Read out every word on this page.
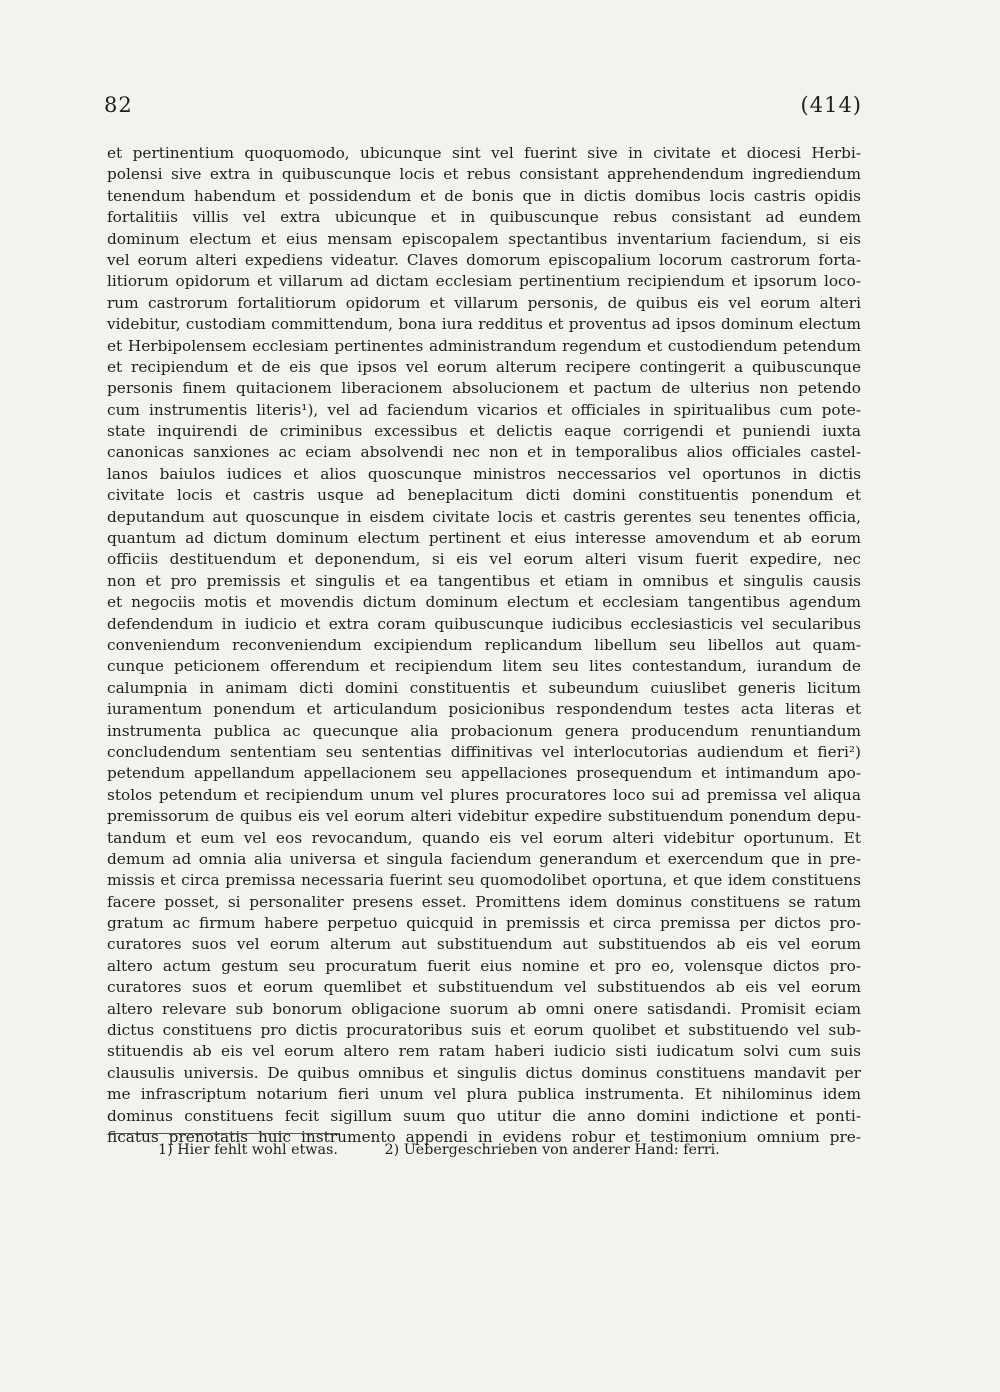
82	(414)
et pertinentium quoquomodo, ubicunque sint vel fuerint sive in civitate et diocesi Herbi-
polensi sive extra in quibuscunque locis et rebus consistant apprehendendum ingrediendum
tenendum habendum et possidendum et de bonis que in dictis domibus locis castris opidis
fortalitiis villis vel extra ubicunque et in quibuscunque rebus consistant ad eundem
dominum electum et eius mensam episcopalem spectantibus inventarium faciendum, si eis
vel eorum alteri expediens videatur. Claves domorum episcopalium locorum castrorum forta-
litiorum opidorum et villarum ad dictam ecclesiam pertinentium recipiendum et ipsorum loco-
rum castrorum fortalitiorum opidorum et villarum personis, de quibus eis vel eorum alteri
videbitur, custodiam committendum, bona iura redditus et proventus ad ipsos dominum electum
et Herbipolensem ecclesiam pertinentes administrandum regendum et custodiendum petendum
et recipiendum et de eis que ipsos vel eorum alterum recipere contingerit a quibuscunque
personis finem quitacionem liberacionem absolucionem et pactum de ulterius non petendo
cum instrumentis literis¹), vel ad faciendum vicarios et officiales in spiritualibus cum pote-
state inquirendi de criminibus excessibus et delictis eaque corrigendi et puniendi iuxta
canonicas sanxiones ac eciam absolvendi nec non et in temporalibus alios officiales castel-
lanos baiulos iudices et alios quoscunque ministros neccessarios vel oportunos in dictis
civitate locis et castris usque ad beneplacitum dicti domini constituentis ponendum et
deputandum aut quoscunque in eisdem civitate locis et castris gerentes seu tenentes officia,
quantum ad dictum dominum electum pertinent et eius interesse amovendum et ab eorum
officiis destituendum et deponendum, si eis vel eorum alteri visum fuerit expedire, nec
non et pro premissis et singulis et ea tangentibus et etiam in omnibus et singulis causis
et negociis motis et movendis dictum dominum electum et ecclesiam tangentibus agendum
defendendum in iudicio et extra coram quibuscunque iudicibus ecclesiasticis vel secularibus
conveniendum reconveniendum excipiendum replicandum libellum seu libellos aut quam-
cunque peticionem offerendum et recipiendum litem seu lites contestandum, iurandum de
calumpnia in animam dicti domini constituentis et subeundum cuiuslibet generis licitum
iuramentum ponendum et articulandum posicionibus respondendum testes acta literas et
instrumenta publica ac quecunque alia probacionum genera producendum renuntiandum
concludendum sententiam seu sententias diffinitivas vel interlocutorias audiendum et fieri²)
petendum appellandum appellacionem seu appellaciones prosequendum et intimandum apo-
stolos petendum et recipiendum unum vel plures procuratores loco sui ad premissa vel aliqua
premissorum de quibus eis vel eorum alteri videbitur expedire substituendum ponendum depu-
tandum et eum vel eos revocandum, quando eis vel eorum alteri videbitur oportunum. Et
demum ad omnia alia universa et singula faciendum generandum et exercendum que in pre-
missis et circa premissa necessaria fuerint seu quomodolibet oportuna, et que idem constituens
facere posset, si personaliter presens esset. Promittens idem dominus constituens se ratum
gratum ac firmum habere perpetuo quicquid in premissis et circa premissa per dictos pro-
curatores suos vel eorum alterum aut substituendum aut substituendos ab eis vel eorum
altero actum gestum seu procuratum fuerit eius nomine et pro eo, volensque dictos pro-
curatores suos et eorum quemlibet et substituendum vel substituendos ab eis vel eorum
altero relevare sub bonorum obligacione suorum ab omni onere satisdandi. Promisit eciam
dictus constituens pro dictis procuratoribus suis et eorum quolibet et substituendo vel sub-
stituendis ab eis vel eorum altero rem ratam haberi iudicio sisti iudicatum solvi cum suis
clausulis universis. De quibus omnibus et singulis dictus dominus constituens mandavit per
me infrascriptum notarium fieri unum vel plura publica instrumenta. Et nihilominus idem
dominus constituens fecit sigillum suum quo utitur die anno domini indictione et ponti-
ficatus prenotatis huic instrumento appendi in evidens robur et testimonium omnium pre-
1) Hier fehlt wohl etwas.	2) Uebergeschrieben von anderer Hand: ferri.
